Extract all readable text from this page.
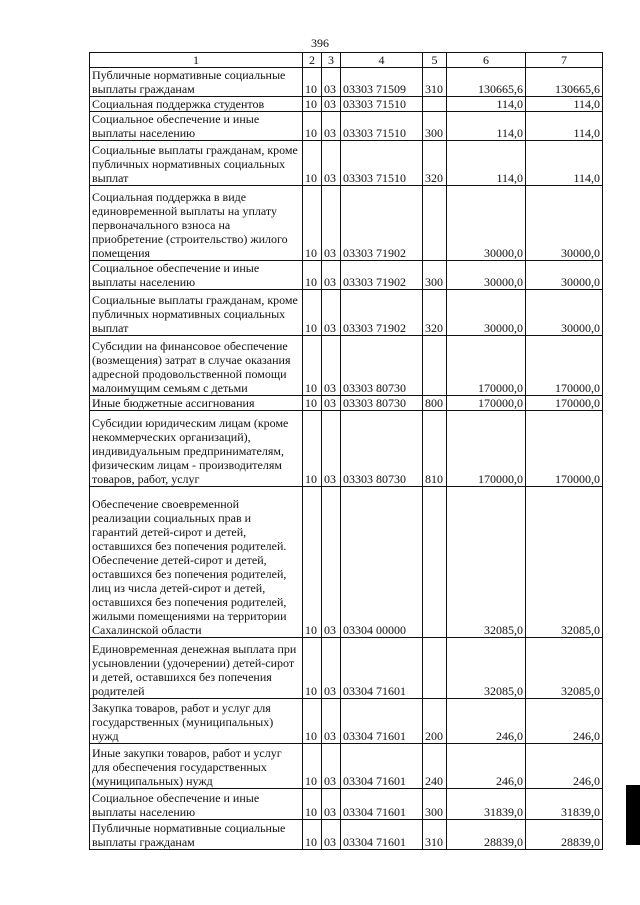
396
1	2	3	4	5	6	7
Публичные нормативные социальные выплаты гражданам	10	03	03303 71509	310	130665,6	130665,6
Социальная поддержка студентов	10	03	03303 71510		114,0	114,0
Социальное обеспечение и иные выплаты населению	10	03	03303 71510	300	114,0	114,0
Социальные выплаты гражданам, кроме публичных нормативных социальных выплат	10	03	03303 71510	320	114,0	114,0
Социальная поддержка в виде единовременной выплаты на уплату первоначального взноса на приобретение (строительство) жилого помещения	10	03	03303 71902		30000,0	30000,0
Социальное обеспечение и иные выплаты населению	10	03	03303 71902	300	30000,0	30000,0
Социальные выплаты гражданам, кроме публичных нормативных социальных выплат	10	03	03303 71902	320	30000,0	30000,0
Субсидии на финансовое обеспечение (возмещения) затрат в случае оказания адресной продовольственной помощи малоимущим семьям с детьми	10	03	03303 80730		170000,0	170000,0
Иные бюджетные ассигнования	10	03	03303 80730	800	170000,0	170000,0
Субсидии юридическим лицам (кроме некоммерческих организаций), индивидуальным предпринимателям, физическим лицам - производителям товаров, работ, услуг	10	03	03303 80730	810	170000,0	170000,0
Обеспечение своевременной реализации социальных прав и гарантий детей-сирот и детей, оставшихся без попечения родителей. Обеспечение детей-сирот и детей, оставшихся без попечения родителей, лиц из числа детей-сирот и детей, оставшихся без попечения родителей, жилыми помещениями на территории Сахалинской области	10	03	03304 00000		32085,0	32085,0
Единовременная денежная выплата при усыновлении (удочерении) детей-сирот и детей, оставшихся без попечения родителей	10	03	03304 71601		32085,0	32085,0
Закупка товаров, работ и услуг для государственных (муниципальных) нужд	10	03	03304 71601	200	246,0	246,0
Иные закупки товаров, работ и услуг для обеспечения государственных (муниципальных) нужд	10	03	03304 71601	240	246,0	246,0
Социальное обеспечение и иные выплаты населению	10	03	03304 71601	300	31839,0	31839,0
Публичные нормативные социальные выплаты гражданам	10	03	03304 71601	310	28839,0	28839,0
